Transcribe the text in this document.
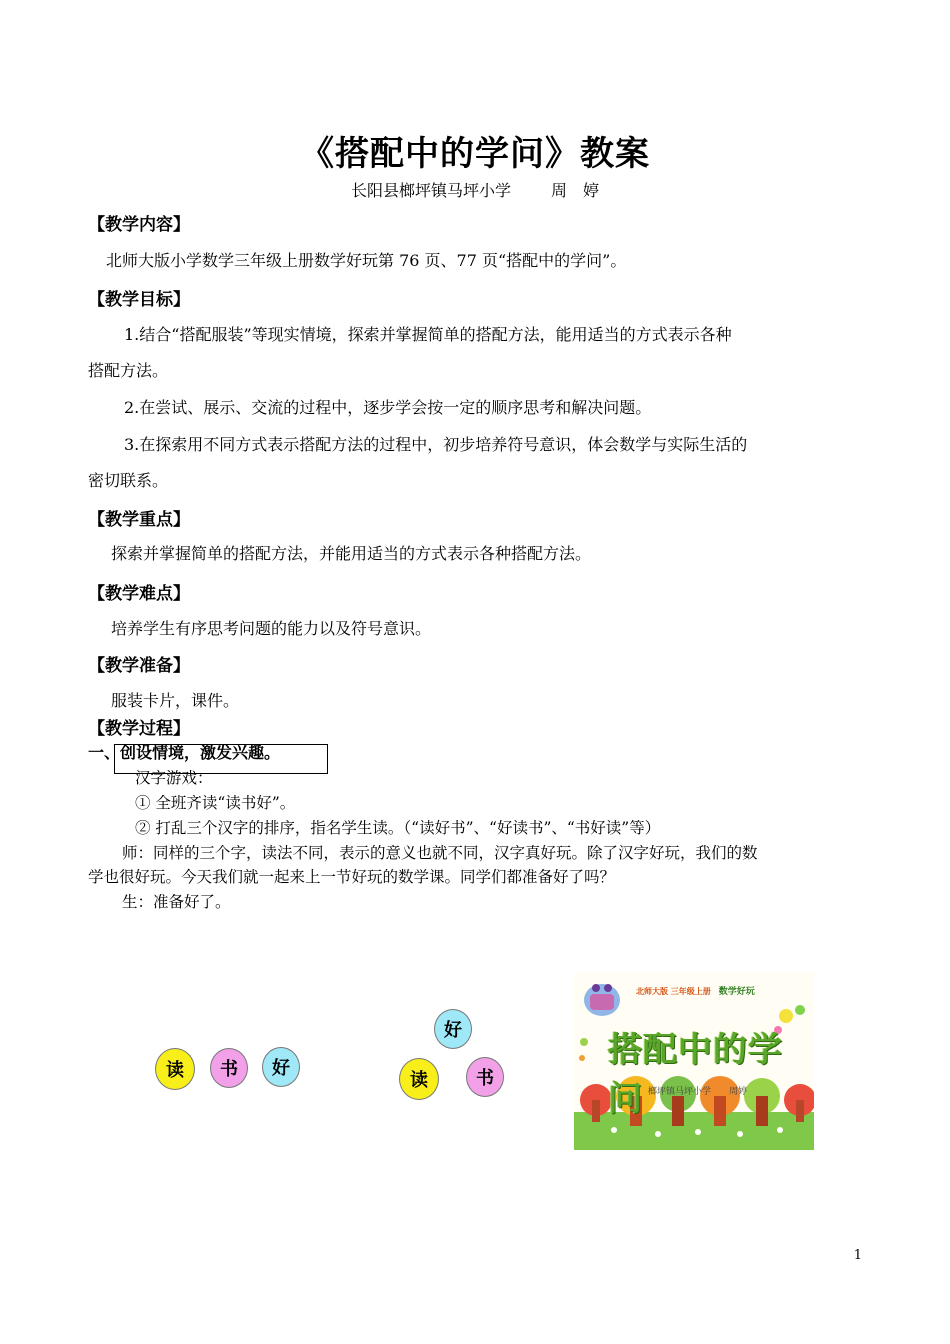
《搭配中的学问》教案
长阳县榔坪镇马坪小学	周　婷
【教学内容】
北师大版小学数学三年级上册数学好玩第 76 页、77 页“搭配中的学问”。
【教学目标】
1.结合“搭配服装”等现实情境，探索并掌握简单的搭配方法，能用适当的方式表示各种
搭配方法。
2.在尝试、展示、交流的过程中，逐步学会按一定的顺序思考和解决问题。
3.在探索用不同方式表示搭配方法的过程中，初步培养符号意识，体会数学与实际生活的
密切联系。
【教学重点】
探索并掌握简单的搭配方法，并能用适当的方式表示各种搭配方法。
【教学难点】
培养学生有序思考问题的能力以及符号意识。
【教学准备】
服装卡片，课件。
【教学过程】
一、创设情境，激发兴趣。
汉字游戏：
① 全班齐读“读书好”。
② 打乱三个汉字的排序，指名学生读。（“读好书”、“好读书”、“书好读”等）
师：同样的三个字，读法不同，表示的意义也就不同，汉字真好玩。除了汉字好玩，我们的数
学也很好玩。今天我们就一起来上一节好玩的数学课。同学们都准备好了吗？
生：准备好了。
读 书 好
好
读	书
北师大版 三年级上册　 数学好玩
搭配中的学问 榔坪镇马坪小学　　周婷
1
